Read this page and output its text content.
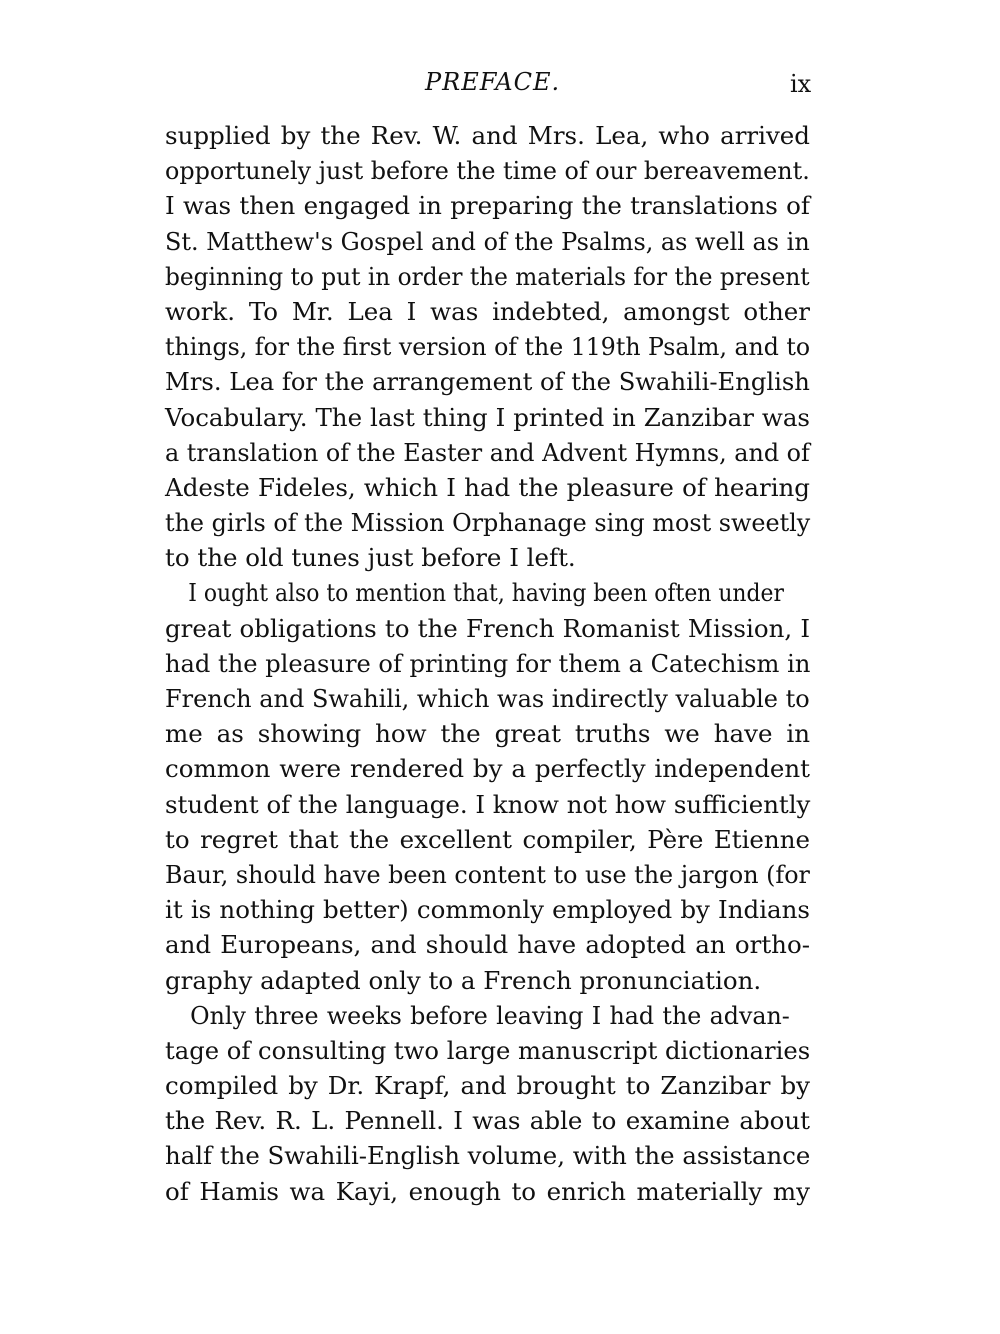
PREFACE.	ix

supplied by the Rev. W. and Mrs. Lea, who arrived
opportunely just before the time of our bereavement.
I was then engaged in preparing the translations of
St. Matthew's Gospel and of the Psalms, as well as in
beginning to put in order the materials for the present
work. To Mr. Lea I was indebted, amongst other
things, for the first version of the 119th Psalm, and to
Mrs. Lea for the arrangement of the Swahili-English
Vocabulary. The last thing I printed in Zanzibar was
a translation of the Easter and Advent Hymns, and of
Adeste Fideles, which I had the pleasure of hearing
the girls of the Mission Orphanage sing most sweetly
to the old tunes just before I left.

I ought also to mention that, having been often under
great obligations to the French Romanist Mission, I
had the pleasure of printing for them a Catechism in
French and Swahili, which was indirectly valuable to
me as showing how the great truths we have in
common were rendered by a perfectly independent
student of the language. I know not how sufficiently
to regret that the excellent compiler, Père Etienne
Baur, should have been content to use the jargon (for
it is nothing better) commonly employed by Indians
and Europeans, and should have adopted an ortho-
graphy adapted only to a French pronunciation.

Only three weeks before leaving I had the advan-
tage of consulting two large manuscript dictionaries
compiled by Dr. Krapf, and brought to Zanzibar by
the Rev. R. L. Pennell. I was able to examine about
half the Swahili-English volume, with the assistance
of Hamis wa Kayi, enough to enrich materially my
